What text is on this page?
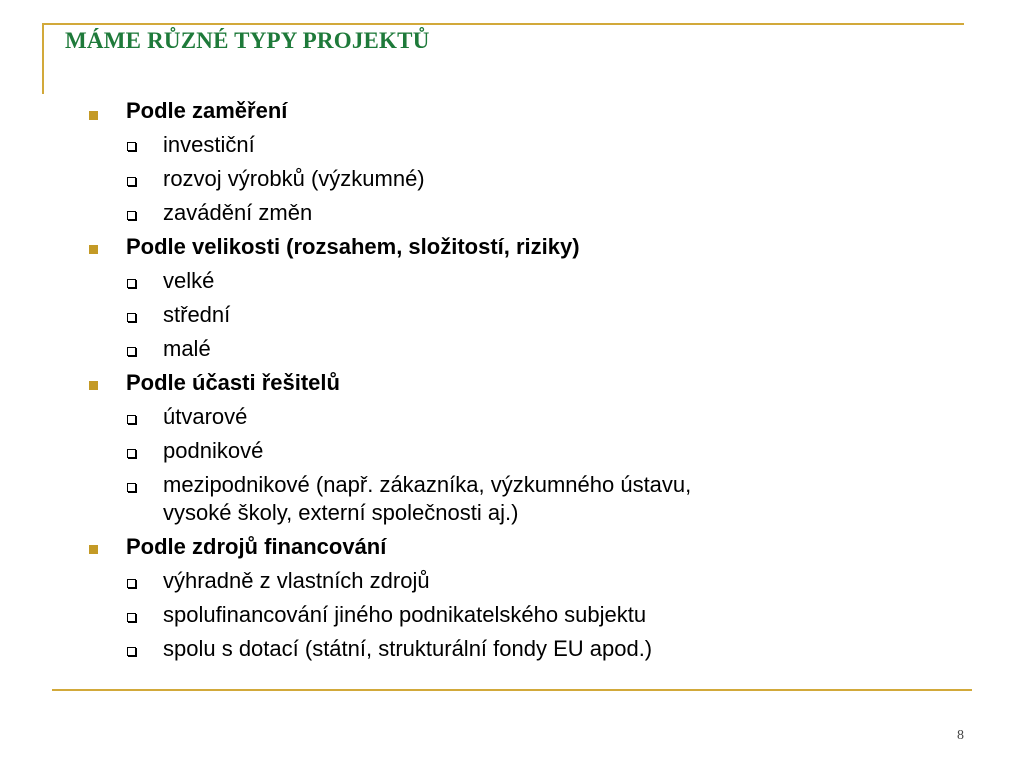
MÁME RŮZNÉ TYPY PROJEKTŮ
Podle zaměření
investiční
rozvoj výrobků (výzkumné)
zavádění změn
Podle velikosti (rozsahem, složitostí, riziky)
velké
střední
malé
Podle účasti řešitelů
útvarové
podnikové
mezipodnikové (např. zákazníka, výzkumného ústavu,
vysoké školy, externí společnosti aj.)
Podle zdrojů financování
výhradně z vlastních zdrojů
spolufinancování jiného podnikatelského subjektu
spolu s dotací (státní, strukturální fondy EU apod.)
8
